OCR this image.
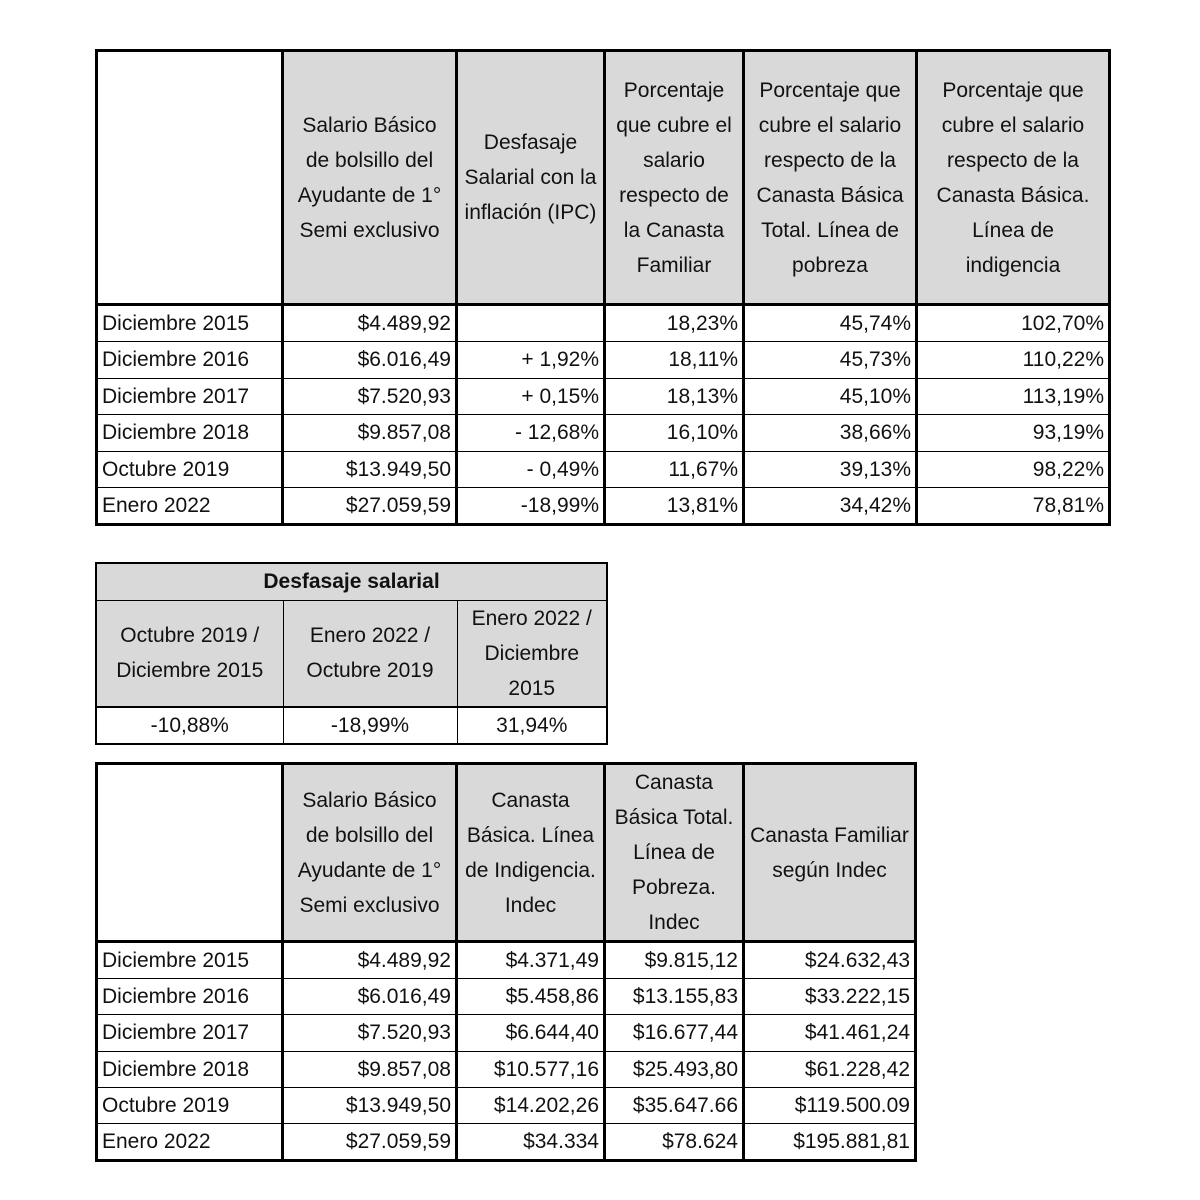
	Salario Básico de bolsillo del Ayudante de 1° Semi exclusivo	Desfasaje Salarial con la inflación (IPC)	Porcentaje que cubre el salario respecto de la Canasta Familiar	Porcentaje que cubre el salario respecto de la Canasta Básica Total. Línea de pobreza	Porcentaje que cubre el salario respecto de la Canasta Básica. Línea de indigencia
Diciembre 2015	$4.489,92		18,23%	45,74%	102,70%
Diciembre 2016	$6.016,49	+ 1,92%	18,11%	45,73%	110,22%
Diciembre 2017	$7.520,93	+ 0,15%	18,13%	45,10%	113,19%
Diciembre 2018	$9.857,08	- 12,68%	16,10%	38,66%	93,19%
Octubre 2019	$13.949,50	- 0,49%	11,67%	39,13%	98,22%
Enero 2022	$27.059,59	-18,99%	13,81%	34,42%	78,81%
Desfasaje salarial		
Octubre 2019 / Diciembre 2015	Enero 2022 / Octubre 2019	Enero 2022 / Diciembre 2015
-10,88%	-18,99%	31,94%
	Salario Básico de bolsillo del Ayudante de 1° Semi exclusivo	Canasta Básica. Línea de Indigencia. Indec	Canasta Básica Total. Línea de Pobreza. Indec	Canasta Familiar según Indec
Diciembre 2015	$4.489,92	$4.371,49	$9.815,12	$24.632,43
Diciembre 2016	$6.016,49	$5.458,86	$13.155,83	$33.222,15
Diciembre 2017	$7.520,93	$6.644,40	$16.677,44	$41.461,24
Diciembre 2018	$9.857,08	$10.577,16	$25.493,80	$61.228,42
Octubre 2019	$13.949,50	$14.202,26	$35.647.66	$119.500.09
Enero 2022	$27.059,59	$34.334	$78.624	$195.881,81
